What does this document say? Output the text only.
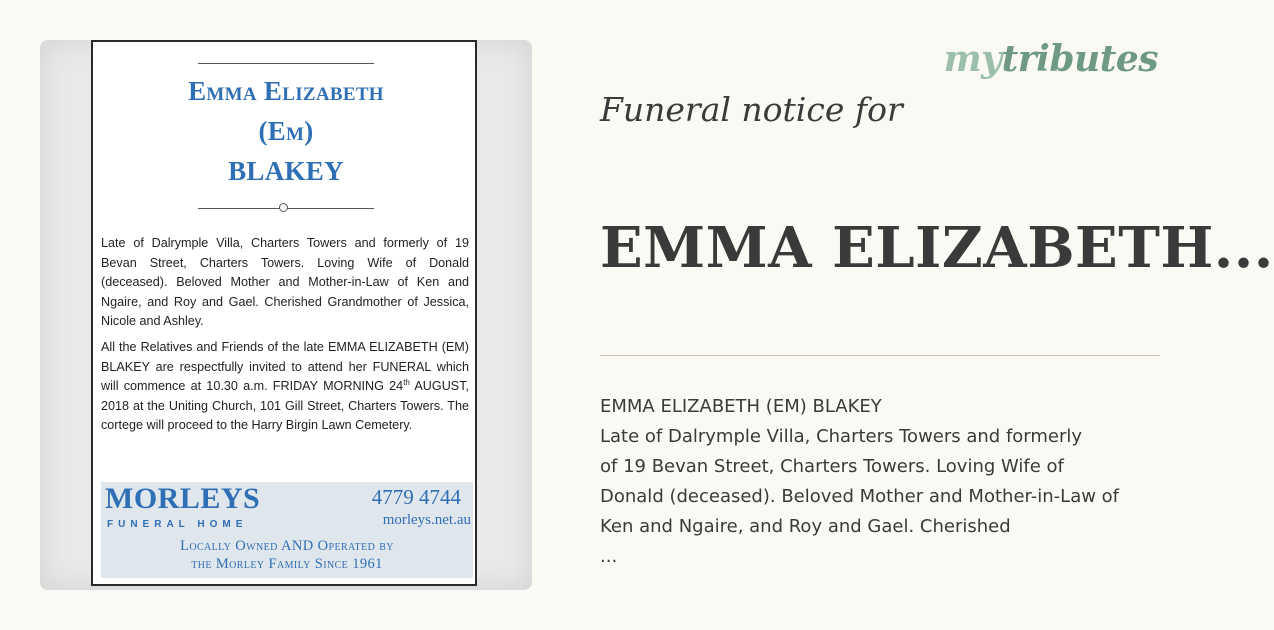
Emma Elizabeth
(Em)
BLAKEY
Late of Dalrymple Villa, Charters Towers and formerly of 19 Bevan Street, Charters Towers. Loving Wife of Donald (deceased). Beloved Mother and Mother-in-Law of Ken and Ngaire, and Roy and Gael. Cherished Grandmother of Jessica, Nicole and Ashley.
All the Relatives and Friends of the late EMMA ELIZABETH (EM) BLAKEY are respectfully invited to attend her FUNERAL which will commence at 10.30 a.m. FRIDAY MORNING 24th AUGUST, 2018 at the Uniting Church, 101 Gill Street, Charters Towers. The cortege will proceed to the Harry Birgin Lawn Cemetery.
MORLEYS
FUNERAL HOME
4779 4744
morleys.net.au
Locally Owned AND Operated by
the Morley Family Since 1961
mytributes
Funeral notice for
EMMA ELIZABETH...
EMMA ELIZABETH (EM) BLAKEY
Late of Dalrymple Villa, Charters Towers and formerly
of 19 Bevan Street, Charters Towers. Loving Wife of
Donald (deceased). Beloved Mother and Mother-in-Law of
Ken and Ngaire, and Roy and Gael. Cherished
...
